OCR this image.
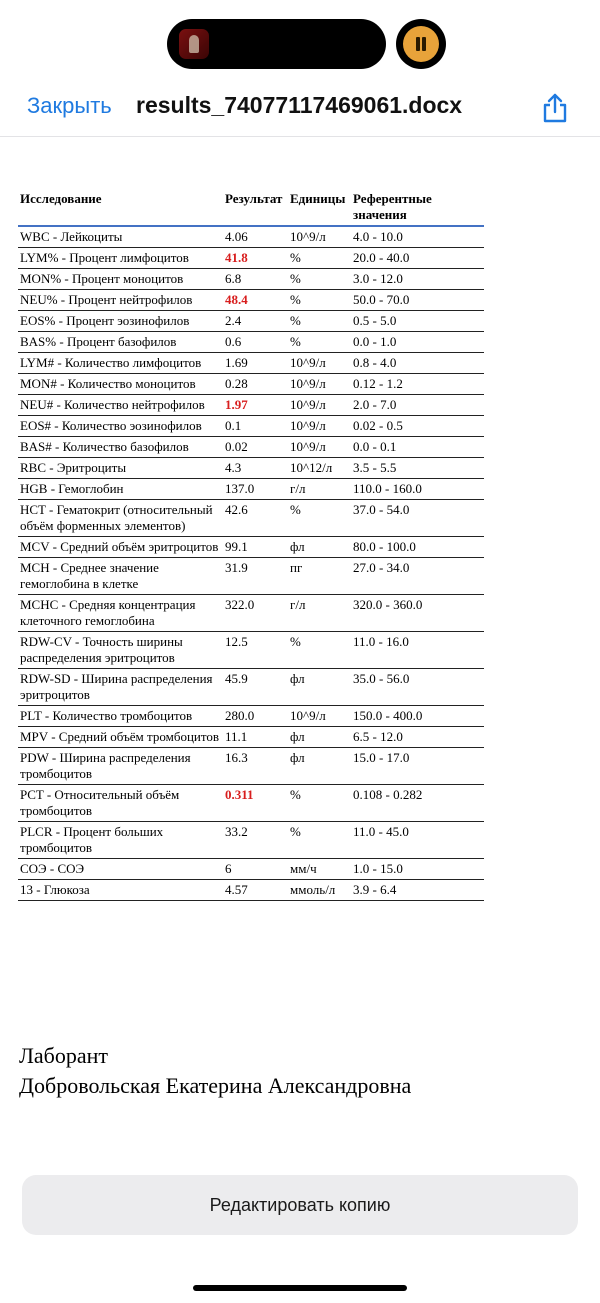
Закрыть results_74077117469061.docx
Исследование	Результат	Единицы	Референтные значения
WBC - Лейкоциты	4.06	10^9/л	4.0 - 10.0
LYM% - Процент лимфоцитов	41.8	%	20.0 - 40.0
MON% - Процент моноцитов	6.8	%	3.0 - 12.0
NEU% - Процент нейтрофилов	48.4	%	50.0 - 70.0
EOS% - Процент эозинофилов	2.4	%	0.5 - 5.0
BAS% - Процент базофилов	0.6	%	0.0 - 1.0
LYM# - Количество лимфоцитов	1.69	10^9/л	0.8 - 4.0
MON# - Количество моноцитов	0.28	10^9/л	0.12 - 1.2
NEU# - Количество нейтрофилов	1.97	10^9/л	2.0 - 7.0
EOS# - Количество эозинофилов	0.1	10^9/л	0.02 - 0.5
BAS# - Количество базофилов	0.02	10^9/л	0.0 - 0.1
RBC - Эритроциты	4.3	10^12/л	3.5 - 5.5
HGB - Гемоглобин	137.0	г/л	110.0 - 160.0
HCT - Гематокрит (относительный объём форменных элементов)	42.6	%	37.0 - 54.0
MCV - Средний объём эритроцитов	99.1	фл	80.0 - 100.0
MCH - Среднее значение гемоглобина в клетке	31.9	пг	27.0 - 34.0
MCHC - Средняя концентрация клеточного гемоглобина	322.0	г/л	320.0 - 360.0
RDW-CV - Точность ширины распределения эритроцитов	12.5	%	11.0 - 16.0
RDW-SD - Ширина распределения эритроцитов	45.9	фл	35.0 - 56.0
PLT - Количество тромбоцитов	280.0	10^9/л	150.0 - 400.0
MPV - Средний объём тромбоцитов	11.1	фл	6.5 - 12.0
PDW - Ширина распределения тромбоцитов	16.3	фл	15.0 - 17.0
PCT - Относительный объём тромбоцитов	0.311	%	0.108 - 0.282
PLCR - Процент больших тромбоцитов	33.2	%	11.0 - 45.0
СОЭ - СОЭ	6	мм/ч	1.0 - 15.0
13 - Глюкоза	4.57	ммоль/л	3.9 - 6.4
Лаборант
Добровольская Екатерина Александровна
Редактировать копию
